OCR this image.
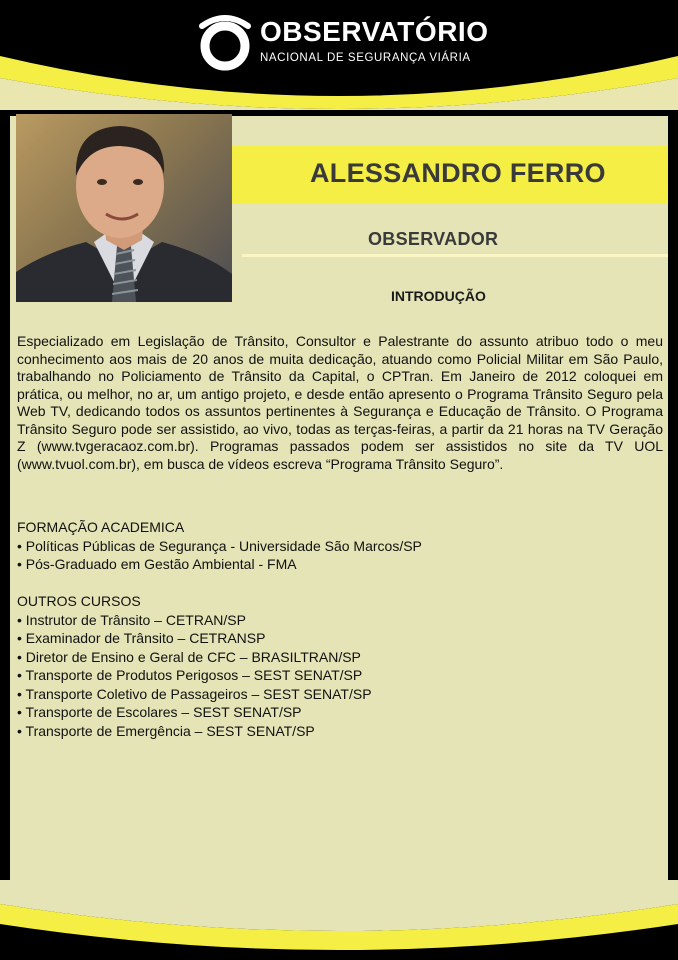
OBSERVATÓRIO
NACIONAL DE SEGURANÇA VIÁRIA
ALESSANDRO FERRO
OBSERVADOR
INTRODUÇÃO

Especializado em Legislação de Trânsito, Consultor e Palestrante do assunto atribuo todo o meu conhecimento aos mais de 20 anos de muita dedicação, atuando como Policial Militar em São Paulo, trabalhando no Policiamento de Trânsito da Capital, o CPTran. Em Janeiro de 2012 coloquei em prática, ou melhor, no ar, um antigo projeto, e desde então apresento o Programa Trânsito Seguro pela Web TV, dedicando todos os assuntos pertinentes à Segurança e Educação de Trânsito. O Programa Trânsito Seguro pode ser assistido, ao vivo, todas as terças-feiras, a partir da 21 horas na TV Geração Z (www.tvgeracaoz.com.br). Programas passados podem ser assistidos no site da TV UOL (www.tvuol.com.br), em busca de vídeos escreva “Programa Trânsito Seguro”.

FORMAÇÃO ACADEMICA
• Políticas Públicas de Segurança - Universidade São Marcos/SP
• Pós-Graduado em Gestão Ambiental - FMA
OUTROS CURSOS
• Instrutor de Trânsito – CETRAN/SP
• Examinador de Trânsito – CETRANSP
• Diretor de Ensino e Geral de CFC – BRASILTRAN/SP
• Transporte de Produtos Perigosos – SEST SENAT/SP
• Transporte Coletivo de Passageiros – SEST SENAT/SP
• Transporte de Escolares – SEST SENAT/SP
• Transporte de Emergência – SEST SENAT/SP
